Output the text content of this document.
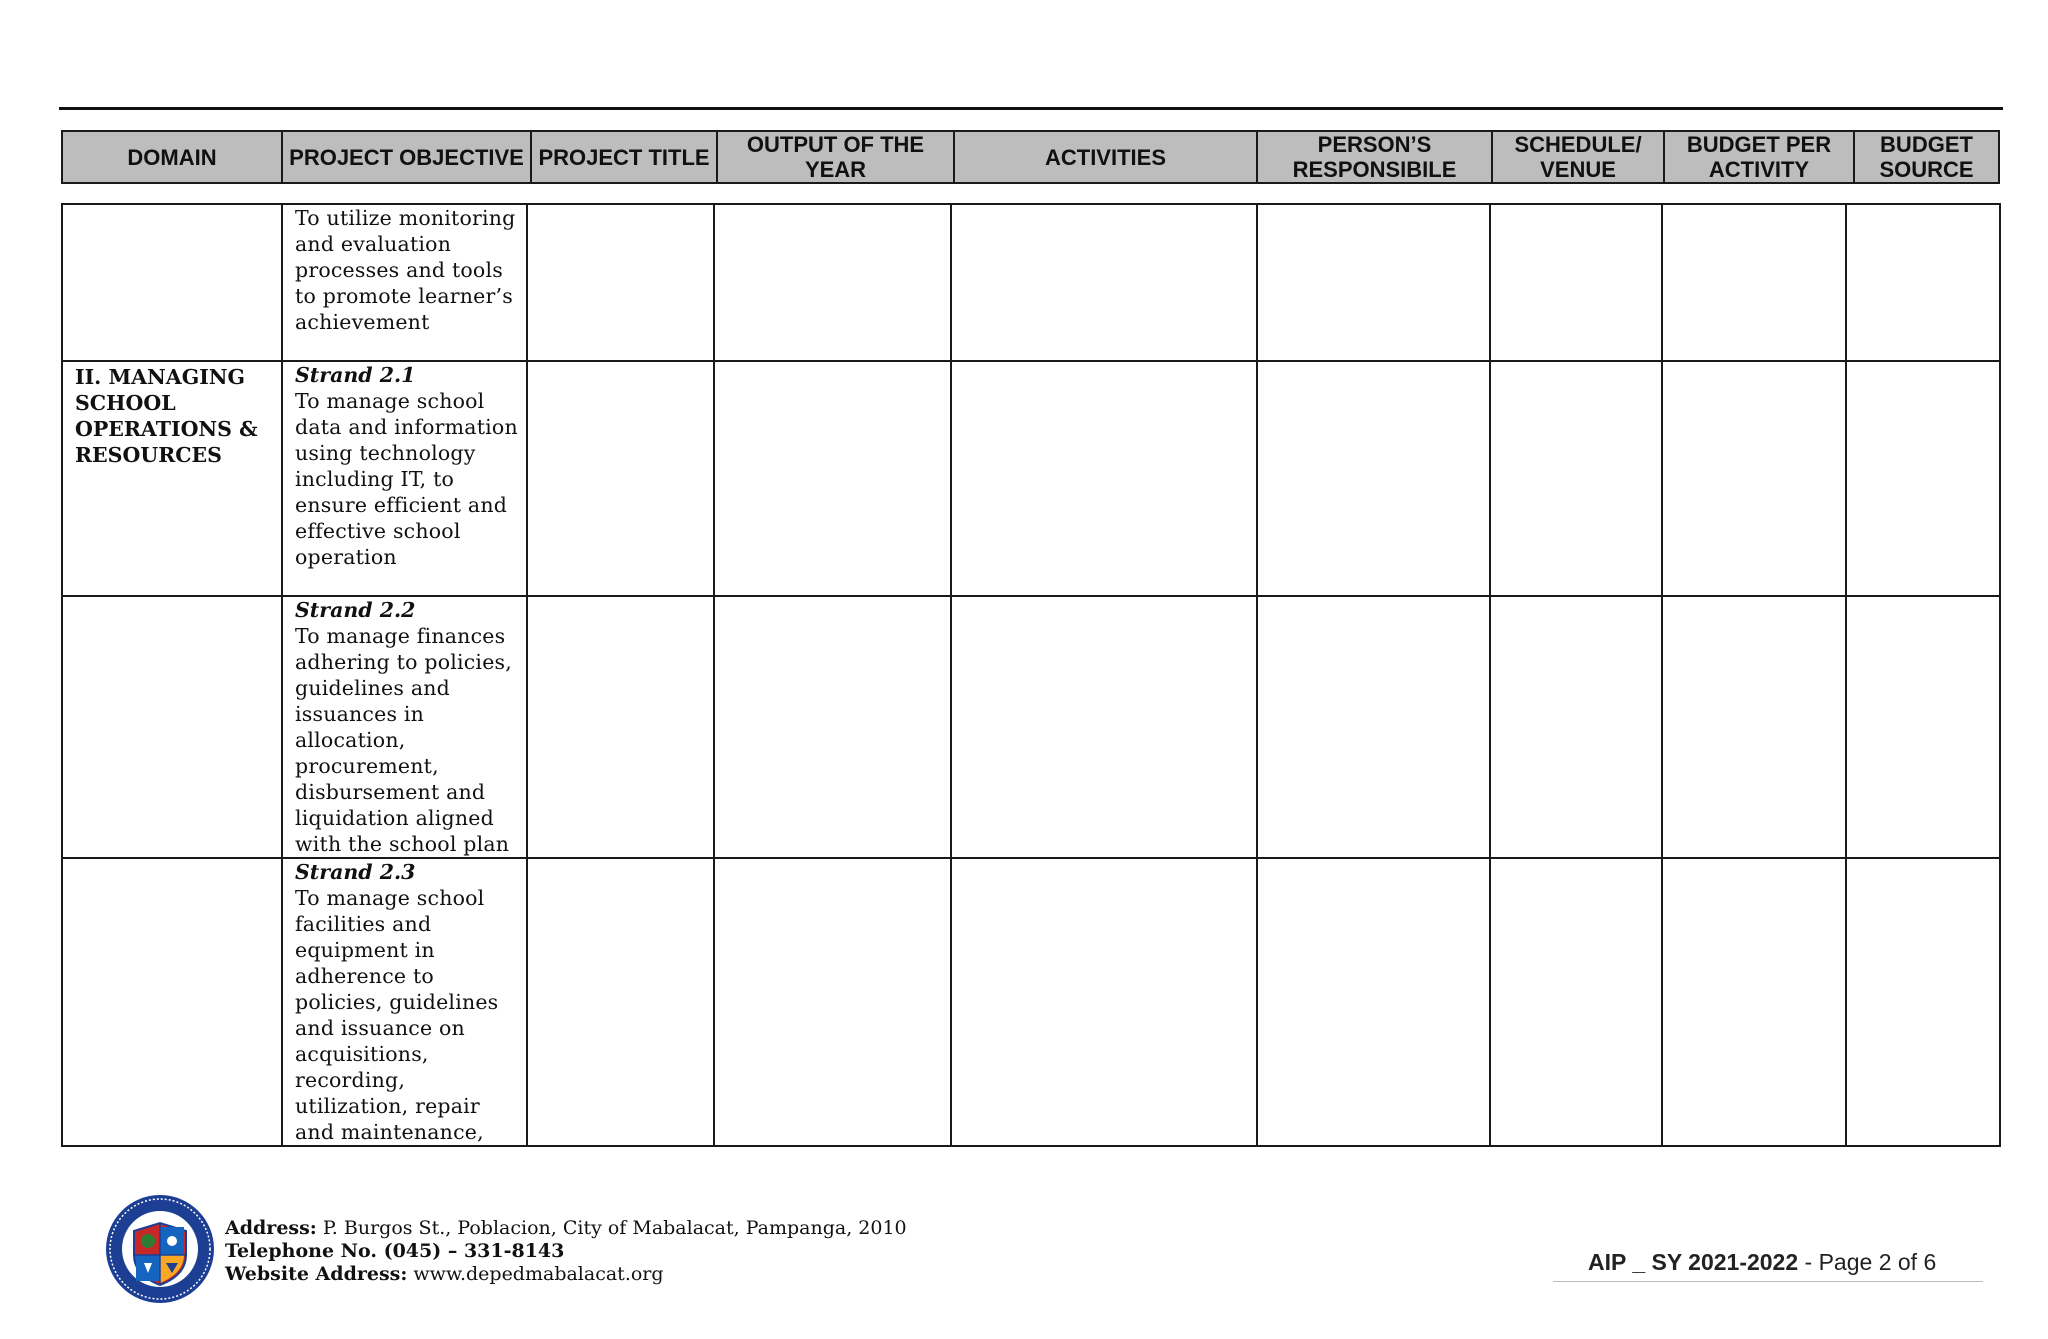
DOMAIN	PROJECT OBJECTIVE	PROJECT TITLE	OUTPUT OF THE YEAR	ACTIVITIES	PERSON’S RESPONSIBILE	SCHEDULE/ VENUE	BUDGET PER ACTIVITY	BUDGET SOURCE

	To utilize monitoring and evaluation processes and tools to promote learner’s achievement							

II. MANAGING SCHOOL OPERATIONS & RESOURCES	Strand 2.1
To manage school data and information using technology including IT, to ensure efficient and effective school operation							

	Strand 2.2
To manage finances adhering to policies, guidelines and issuances in allocation, procurement, disbursement and liquidation aligned with the school plan							

	Strand 2.3
To manage school facilities and equipment in adherence to policies, guidelines and issuance on acquisitions, recording, utilization, repair and maintenance,							

Address: P. Burgos St., Poblacion, City of Mabalacat, Pampanga, 2010
Telephone No. (045) – 331-8143
Website Address: www.depedmabalacat.org	AIP _ SY 2021-2022 - Page 2 of 6
